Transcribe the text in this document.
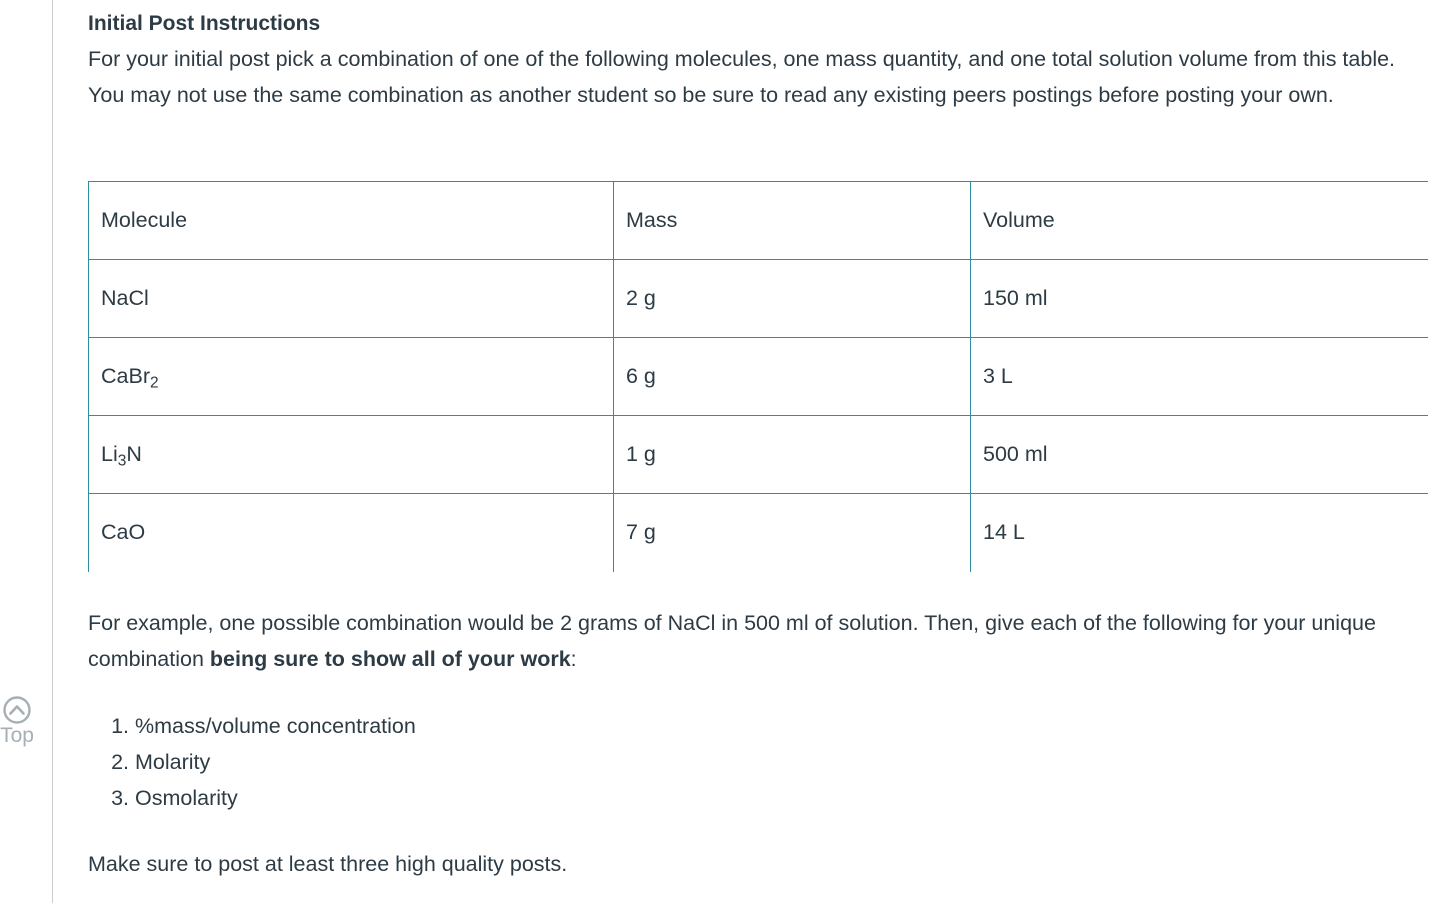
Top
Initial Post Instructions

For your initial post pick a combination of one of the following molecules, one mass quantity, and one total solution volume from this table. You may not use the same combination as another student so be sure to read any existing peers postings before posting your own.

Molecule	Mass	Volume
NaCl	2 g	150 ml
CaBr$_2$	6 g	3 L
$Li_3N$	1 g	500 ml
CaO	7 g	14 L

For example, one possible combination would be 2 grams of NaCl in 500 ml of solution. Then, give each of the following for your unique combination being sure to show all of your work:

1. %mass/volume concentration
2. Molarity
3. Osmolarity

Make sure to post at least three high quality posts.
